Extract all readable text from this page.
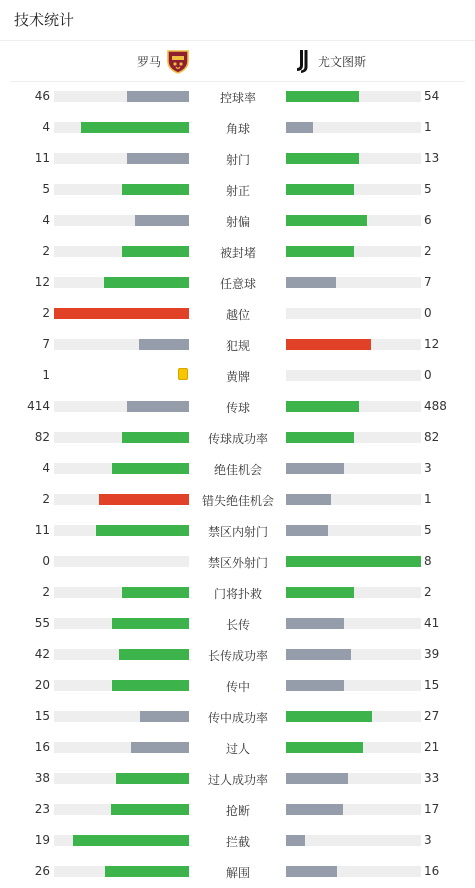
技术统计
罗马	尤文图斯
46	控球率	54
4	角球	1
11	射门	13
5	射正	5
4	射偏	6
2	被封堵	2
12	任意球	7
2	越位	0
7	犯规	12
1	黄牌	0
414	传球	488
82	传球成功率	82
4	绝佳机会	3
2	错失绝佳机会	1
11	禁区内射门	5
0	禁区外射门	8
2	门将扑救	2
55	长传	41
42	长传成功率	39
20	传中	15
15	传中成功率	27
16	过人	21
38	过人成功率	33
23	抢断	17
19	拦截	3
26	解围	16
